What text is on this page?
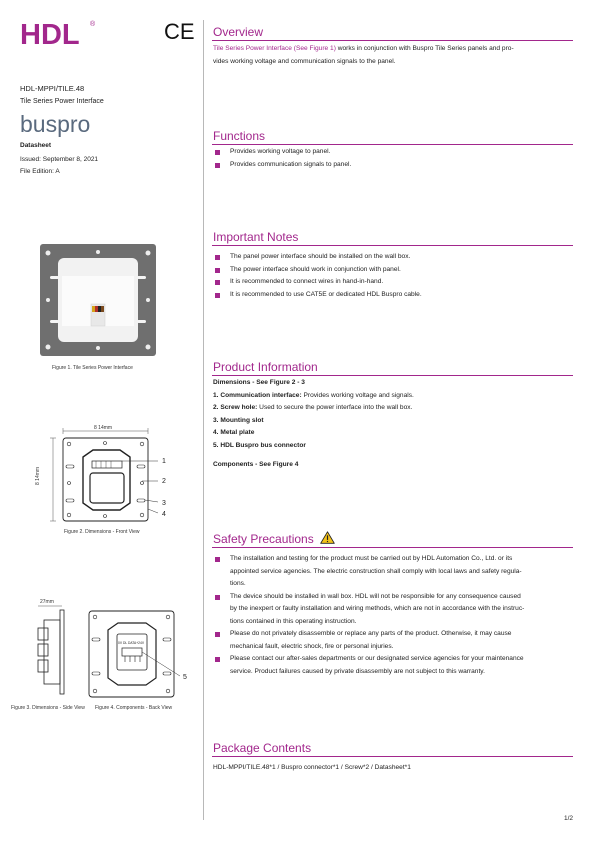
HDL ®	CE
HDL-MPPI/TILE.48
Tile Series Power Interface
buspro
Datasheet
Issued: September 8, 2021
File Edition: A
Figure 1. Tile Series Power Interface
8 14mm
8 14mm
1
2
3
4
Figure 2. Dimensions - Front View
27mm
Figure 3. Dimensions - Side View
0V DL DATA+24V
5
Figure 4. Components - Back View
Overview
Tile Series Power Interface (See Figure 1) works in conjunction with Buspro Tile Series panels and pro-
vides working voltage and communication signals to the panel.
Functions
Provides working voltage to panel.
Provides communication signals to panel.
Important Notes
The panel power interface should be installed on the wall box.
The power interface should work in conjunction with panel.
It is recommended to connect wires in hand-in-hand.
It is recommended to use CAT5E or dedicated HDL Buspro cable.
Product Information
Dimensions - See Figure 2 - 3
1. Communication interface: Provides working voltage and signals.
2. Screw hole: Used to secure the power interface into the wall box.
3. Mounting slot
4. Metal plate
5. HDL Buspro bus connector
Components - See Figure 4
Safety Precautions
The installation and testing for the product must be carried out by HDL Automation Co., Ltd. or its
appointed service agencies. The electric construction shall comply with local laws and safety regula-
tions.
The device should be installed in wall box. HDL will not be responsible for any consequence caused
by the inexpert or faulty installation and wiring methods, which are not in accordance with the instruc-
tions contained in this operating instruction.
Please do not privately disassemble or replace any parts of the product. Otherwise, it may cause
mechanical fault, electric shock, fire or personal injuries.
Please contact our after-sales departments or our designated service agencies for your maintenance
service. Product failures caused by private disassembly are not subject to this warranty.
Package Contents
HDL-MPPI/TILE.48*1 / Buspro connector*1 / Screw*2 / Datasheet*1
1/2
